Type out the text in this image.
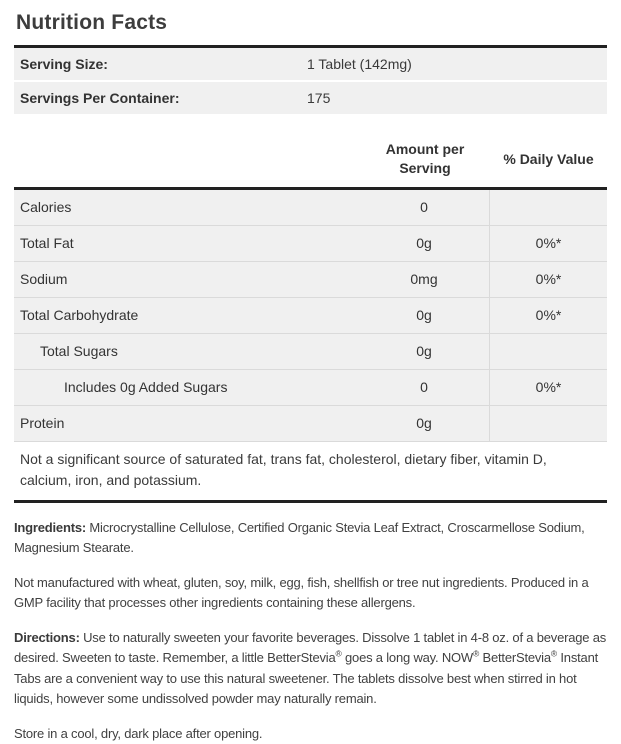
Nutrition Facts
Serving Size:	1 Tablet (142mg)
Servings Per Container:	175
Amount per Serving
% Daily Value
Calories	0
Total Fat	0g	0%*
Sodium	0mg	0%*
Total Carbohydrate	0g	0%*
Total Sugars	0g
Includes 0g Added Sugars	0	0%*
Protein	0g
Not a significant source of saturated fat, trans fat, cholesterol, dietary fiber, vitamin D, calcium, iron, and potassium.

Ingredients: Microcrystalline Cellulose, Certified Organic Stevia Leaf Extract, Croscarmellose Sodium, Magnesium Stearate.

Not manufactured with wheat, gluten, soy, milk, egg, fish, shellfish or tree nut ingredients. Produced in a GMP facility that processes other ingredients containing these allergens.

Directions: Use to naturally sweeten your favorite beverages. Dissolve 1 tablet in 4-8 oz. of a beverage as desired. Sweeten to taste. Remember, a little BetterStevia® goes a long way. NOW® BetterStevia® Instant Tabs are a convenient way to use this natural sweetener. The tablets dissolve best when stirred in hot liquids, however some undissolved powder may naturally remain.

Store in a cool, dry, dark place after opening.
